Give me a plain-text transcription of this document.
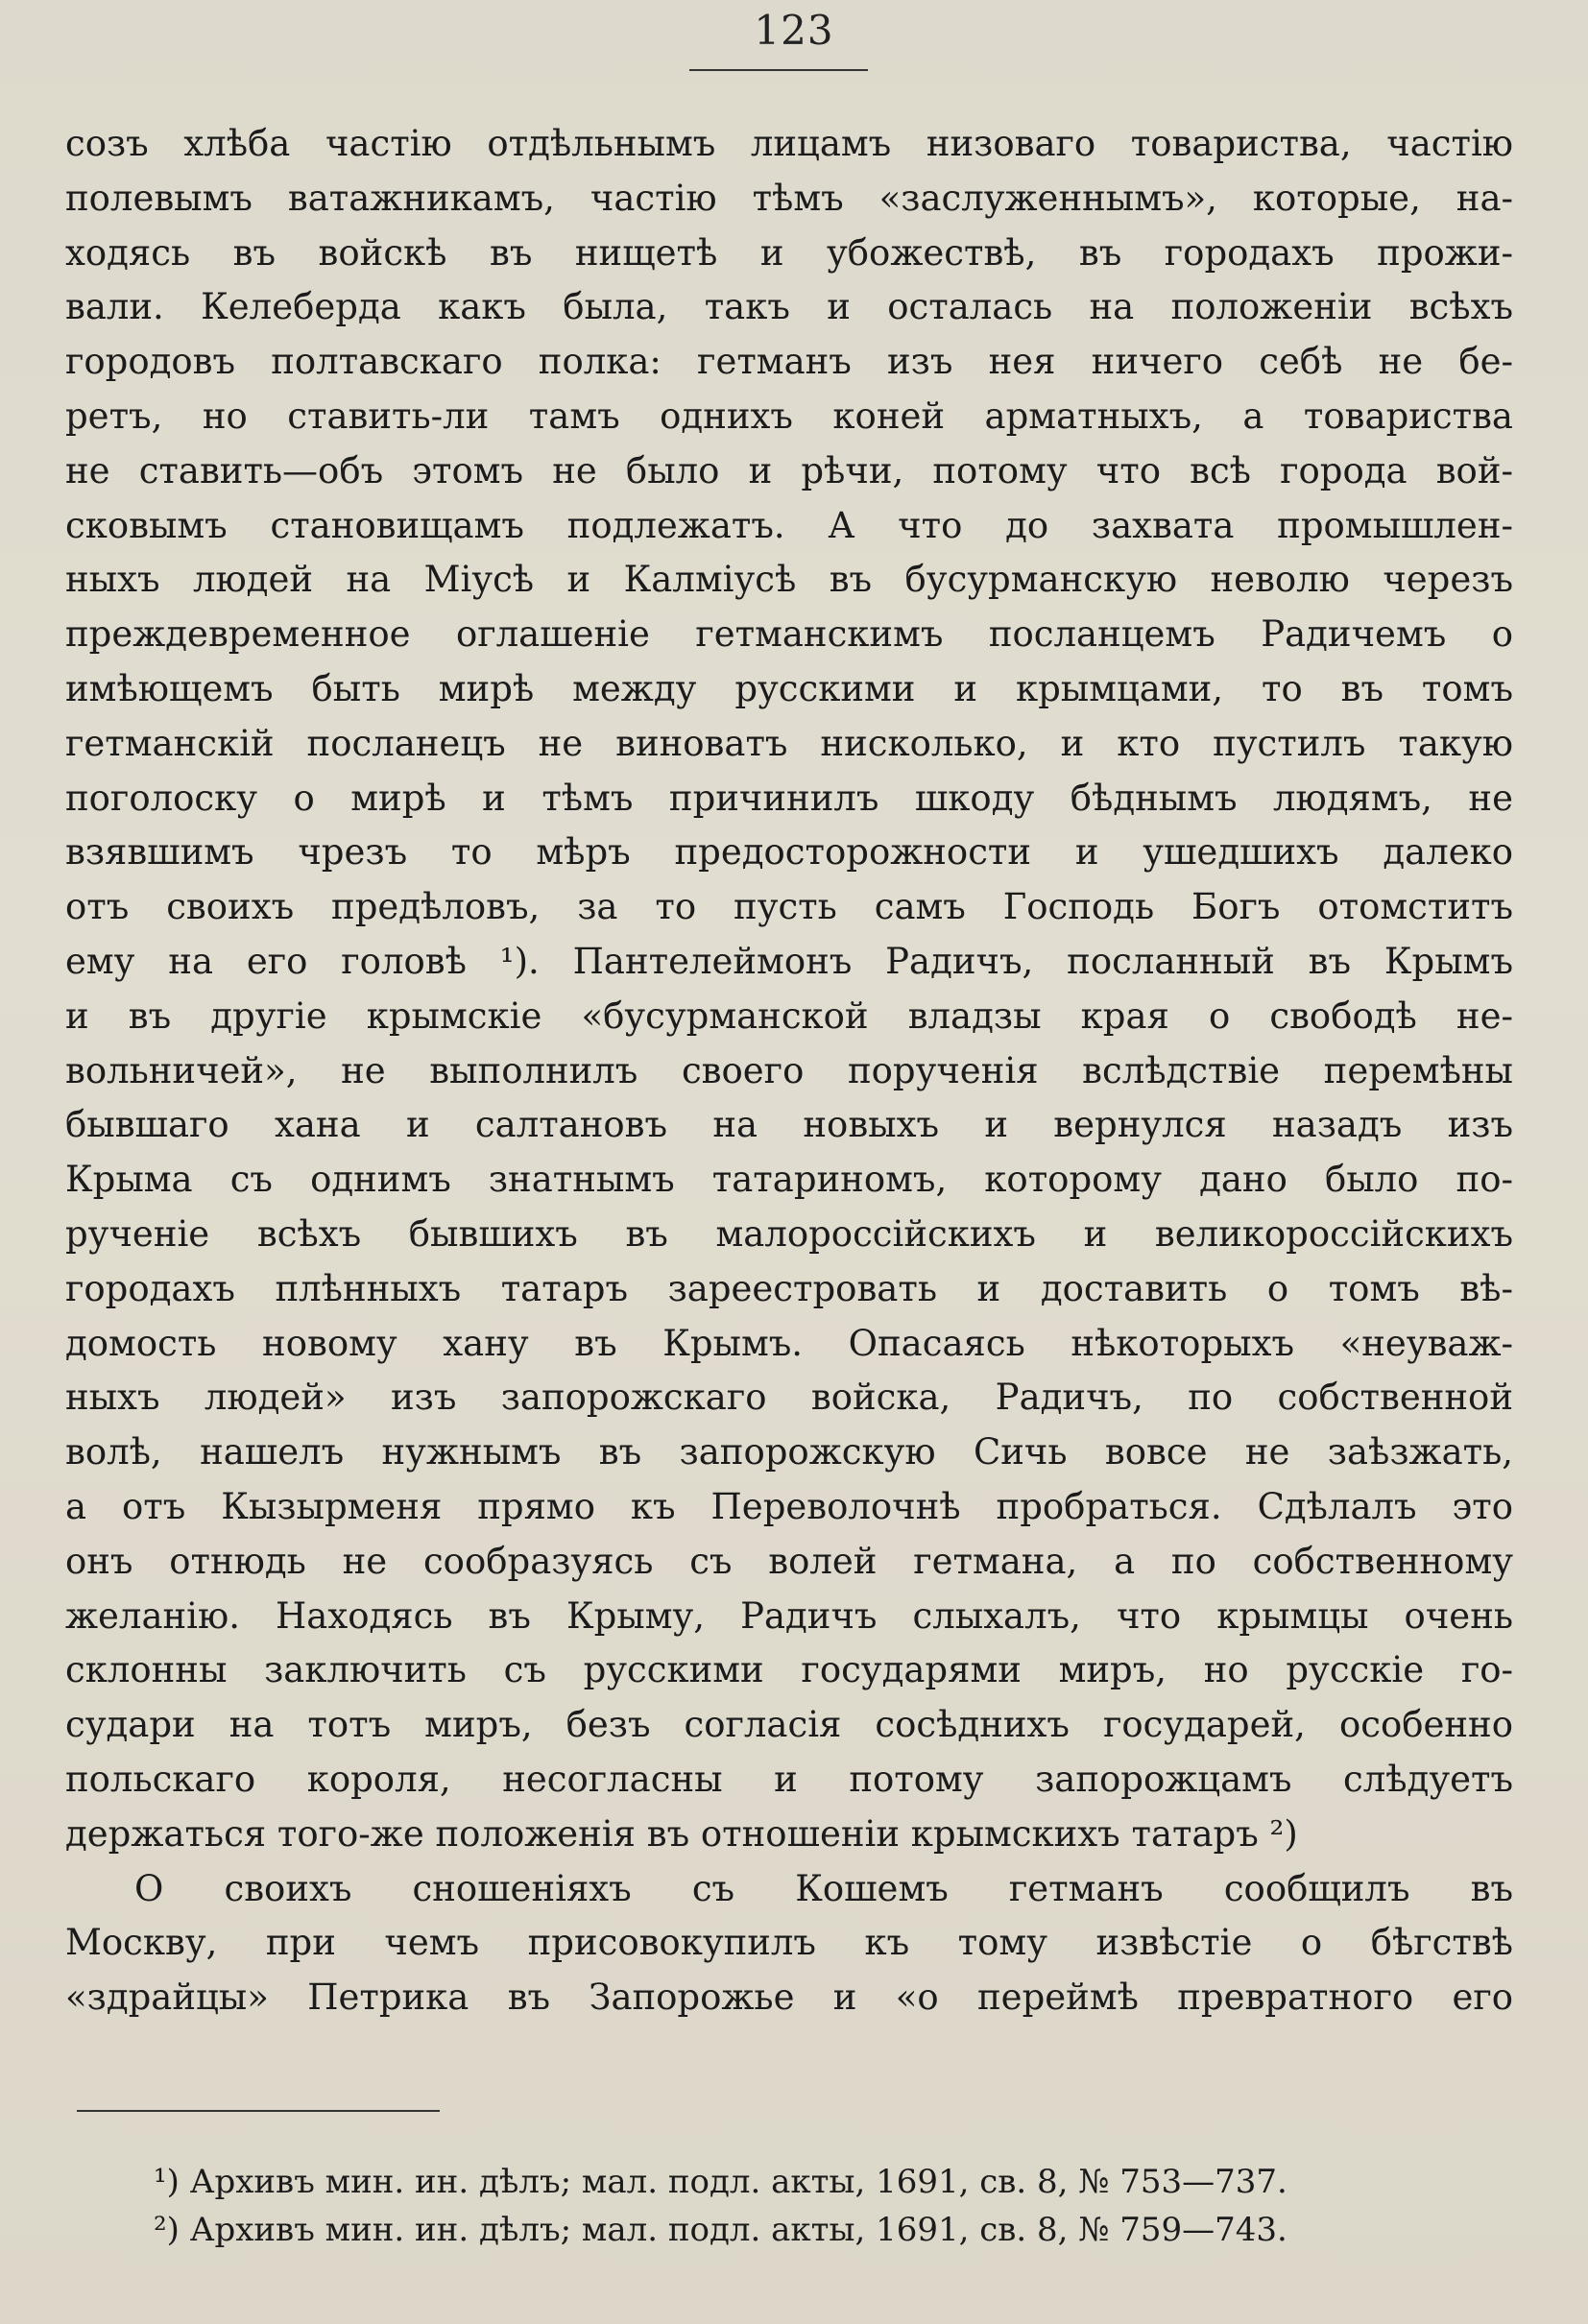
123
созъ хлѣба частію отдѣльнымъ лицамъ низоваго товариства, частію
полевымъ ватажникамъ, частію тѣмъ «заслуженнымъ», которые, на-
ходясь въ войскѣ въ нищетѣ и убожествѣ, въ городахъ прожи-
вали. Келеберда какъ была, такъ и осталась на положеніи всѣхъ
городовъ полтавскаго полка: гетманъ изъ нея ничего себѣ не бе-
ретъ, но ставить-ли тамъ однихъ коней арматныхъ, а товариства
не ставить—объ этомъ не было и рѣчи, потому что всѣ города вой-
сковымъ становищамъ подлежатъ. А что до захвата промышлен-
ныхъ людей на Міусѣ и Калміусѣ въ бусурманскую неволю черезъ
преждевременное оглашеніе гетманскимъ посланцемъ Радичемъ о
имѣющемъ быть мирѣ между русскими и крымцами, то въ томъ
гетманскій посланецъ не виноватъ нисколько, и кто пустилъ такую
поголоску о мирѣ и тѣмъ причинилъ шкоду бѣднымъ людямъ, не
взявшимъ чрезъ то мѣръ предосторожности и ушедшихъ далеко
отъ своихъ предѣловъ, за то пусть самъ Господь Богъ отомститъ
ему на его головѣ ¹). Пантелеймонъ Радичъ, посланный въ Крымъ
и въ другіе крымскіе «бусурманской владзы края о свободѣ не-
вольничей», не выполнилъ своего порученія вслѣдствіе перемѣны
бывшаго хана и салтановъ на новыхъ и вернулся назадъ изъ
Крыма съ однимъ знатнымъ татариномъ, которому дано было по-
рученіе всѣхъ бывшихъ въ малороссійскихъ и великороссійскихъ
городахъ плѣнныхъ татаръ зареестровать и доставить о томъ вѣ-
домость новому хану въ Крымъ. Опасаясь нѣкоторыхъ «неуваж-
ныхъ людей» изъ запорожскаго войска, Радичъ, по собственной
волѣ, нашелъ нужнымъ въ запорожскую Сичь вовсе не заѣзжать,
а отъ Кызырменя прямо къ Переволочнѣ пробраться. Сдѣлалъ это
онъ отнюдь не сообразуясь съ волей гетмана, а по собственному
желанію. Находясь въ Крыму, Радичъ слыхалъ, что крымцы очень
склонны заключить съ русскими государями миръ, но русскіе го-
судари на тотъ миръ, безъ согласія сосѣднихъ государей, особенно
польскаго короля, несогласны и потому запорожцамъ слѣдуетъ
держаться того-же положенія въ отношеніи крымскихъ татаръ ²)
О своихъ сношеніяхъ съ Кошемъ гетманъ сообщилъ въ
Москву, при чемъ присовокупилъ къ тому извѣстіе о бѣгствѣ
«здрайцы» Петрика въ Запорожье и «о переймѣ превратного его
¹) Архивъ мин. ин. дѣлъ; мал. подл. акты, 1691, св. 8, № 753—737.
²) Архивъ мин. ин. дѣлъ; мал. подл. акты, 1691, св. 8, № 759—743.
